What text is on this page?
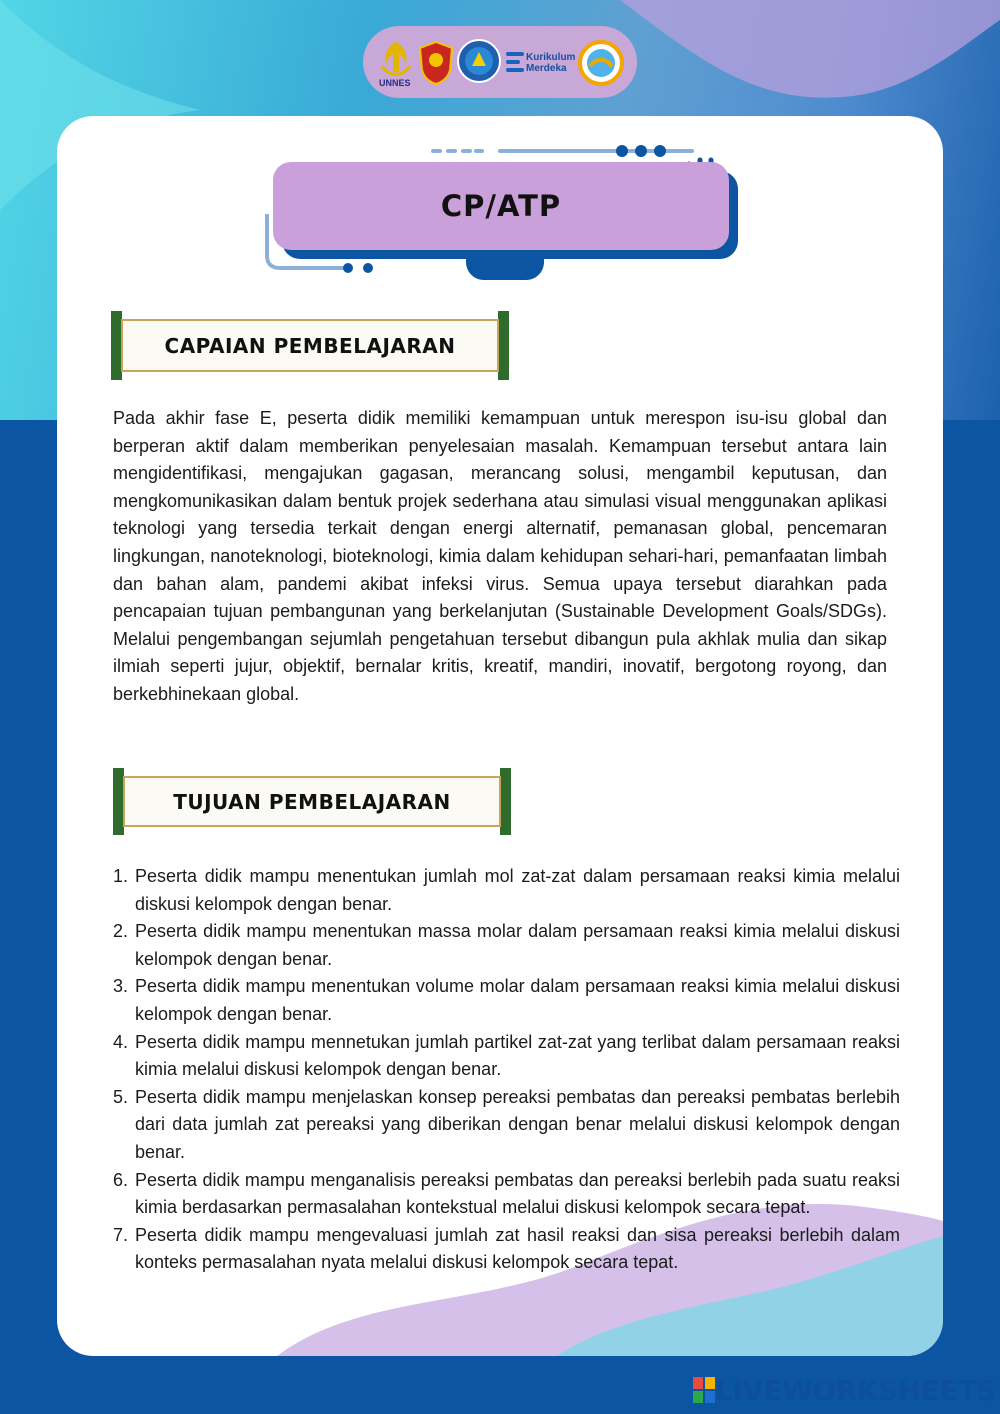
UNNES
Kurikulum
Merdeka
CP/ATP
CAPAIAN PEMBELAJARAN

Pada akhir fase E, peserta didik memiliki kemampuan untuk merespon isu-isu global dan berperan aktif dalam memberikan penyelesaian masalah. Kemampuan tersebut antara lain mengidentifikasi, mengajukan gagasan, merancang solusi, mengambil keputusan, dan mengkomunikasikan dalam bentuk projek sederhana atau simulasi visual menggunakan aplikasi teknologi yang tersedia terkait dengan energi alternatif, pemanasan global, pencemaran lingkungan, nanoteknologi, bioteknologi, kimia dalam kehidupan sehari-hari, pemanfaatan limbah dan bahan alam, pandemi akibat infeksi virus. Semua upaya tersebut diarahkan pada pencapaian tujuan pembangunan yang berkelanjutan (Sustainable Development Goals/SDGs). Melalui pengembangan sejumlah pengetahuan tersebut dibangun pula akhlak mulia dan sikap ilmiah seperti jujur, objektif, bernalar kritis, kreatif, mandiri, inovatif, bergotong royong, dan berkebhinekaan global.

TUJUAN PEMBELAJARAN
1. Peserta didik mampu menentukan jumlah mol zat-zat dalam persamaan reaksi kimia melalui diskusi kelompok dengan benar.
2. Peserta didik mampu menentukan massa molar dalam persamaan reaksi kimia melalui diskusi kelompok dengan benar.
3. Peserta didik mampu menentukan volume molar dalam persamaan reaksi kimia melalui diskusi kelompok dengan benar.
4. Peserta didik mampu mennetukan jumlah partikel zat-zat yang terlibat dalam persamaan reaksi kimia melalui diskusi kelompok dengan benar.
5. Peserta didik mampu menjelaskan konsep pereaksi pembatas dan pereaksi pembatas berlebih dari data jumlah zat pereaksi yang diberikan dengan benar melalui diskusi kelompok dengan benar.
6. Peserta didik mampu menganalisis pereaksi pembatas dan pereaksi berlebih pada suatu reaksi kimia berdasarkan permasalahan kontekstual melalui diskusi kelompok secara tepat.
7. Peserta didik mampu mengevaluasi jumlah zat hasil reaksi dan sisa pereaksi berlebih dalam konteks permasalahan nyata melalui diskusi kelompok secara tepat.
LIVEWORKSHEETS
